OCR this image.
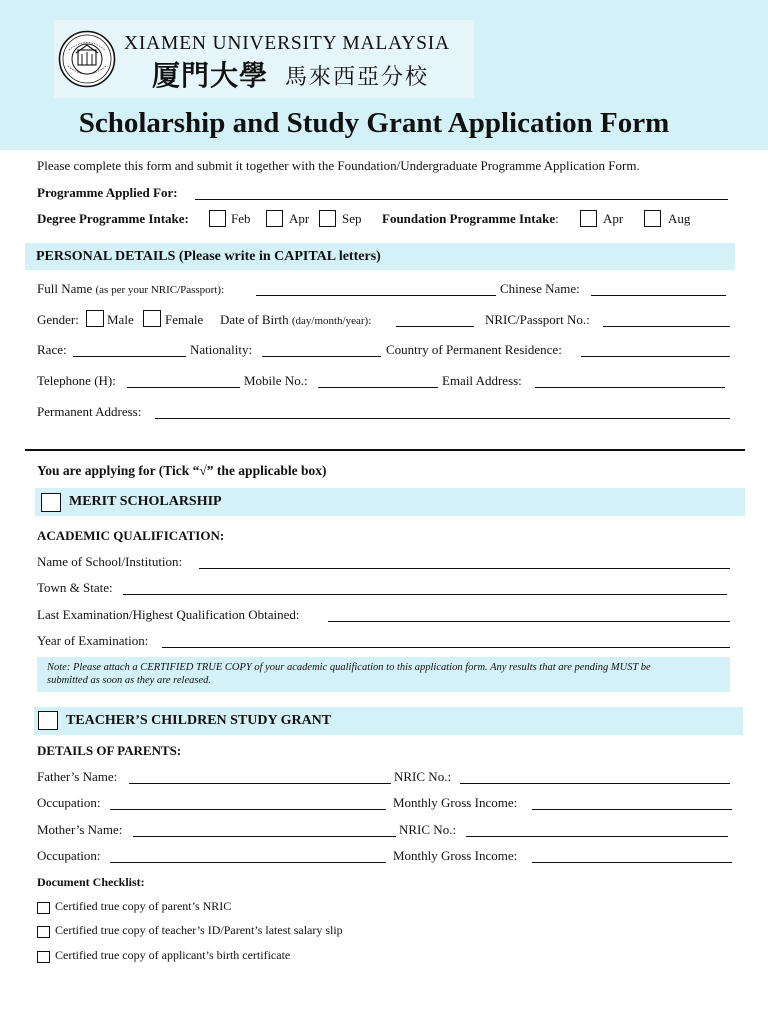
XIAMEN UNIVERSITY MALAYSIA
厦門大學 馬來西亞分校
Scholarship and Study Grant Application Form
Please complete this form and submit it together with the Foundation/Undergraduate Programme Application Form.
Programme Applied For:
Degree Programme Intake:	Feb	Apr	Sep Foundation Programme Intake:	Apr	Aug
PERSONAL DETAILS (Please write in CAPITAL letters)
Full Name (as per your NRIC/Passport):	Chinese Name:
Gender: Male Female Date of Birth (day/month/year):	NRIC/Passport No.:
Race:	Nationality:	Country of Permanent Residence:
Telephone (H):	Mobile No.:	Email Address:
Permanent Address:
You are applying for (Tick “√” the applicable box)
MERIT SCHOLARSHIP
ACADEMIC QUALIFICATION:
Name of School/Institution:
Town & State:
Last Examination/Highest Qualification Obtained:
Year of Examination:
Note: Please attach a CERTIFIED TRUE COPY of your academic qualification to this application form. Any results that are pending MUST be
submitted as soon as they are released.
TEACHER’S CHILDREN STUDY GRANT
DETAILS OF PARENTS:
Father’s Name:	NRIC No.:
Occupation:	Monthly Gross Income:
Mother’s Name:	NRIC No.:
Occupation:	Monthly Gross Income:
Document Checklist:
Certified true copy of parent’s NRIC
Certified true copy of teacher’s ID/Parent’s latest salary slip
Certified true copy of applicant’s birth certificate
